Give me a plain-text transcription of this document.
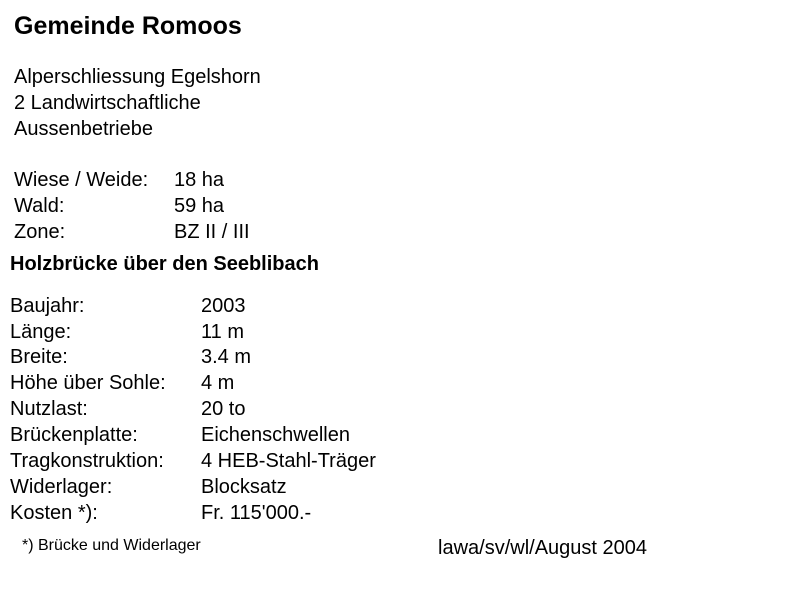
Gemeinde Romoos
Alperschliessung Egelshorn
2 Landwirtschaftliche
Aussenbetriebe
Wiese / Weide: 18 ha
Wald:	59 ha
Zone:	BZ II / III
Holzbrücke über den Seeblibach
Baujahr:	2003
Länge:	11 m
Breite:	3.4 m
Höhe über Sohle: 4 m
Nutzlast:	20 to
Brückenplatte:	Eichenschwellen
Tragkonstruktion: 4 HEB-Stahl-Träger
Widerlager:	Blocksatz
Kosten *):	Fr. 115'000.-
*) Brücke und Widerlager	lawa/sv/wl/August 2004
